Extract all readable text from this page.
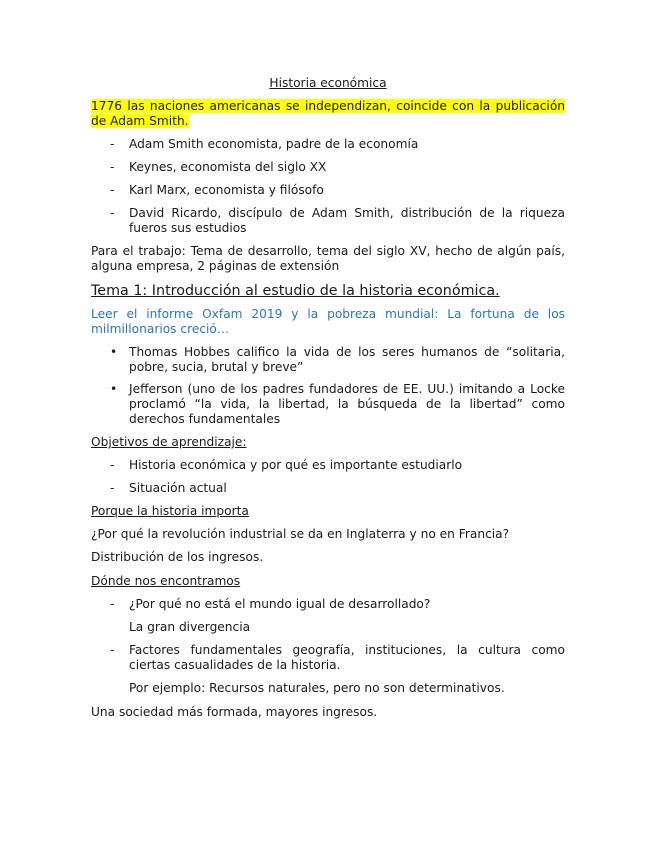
Historia económica
1776 las naciones americanas se independizan, coincide con la publicación de Adam Smith.
- Adam Smith economista, padre de la economía
- Keynes, economista del siglo XX
- Karl Marx, economista y filósofo
- David Ricardo, discípulo de Adam Smith, distribución de la riqueza fueros sus estudios
Para el trabajo: Tema de desarrollo, tema del siglo XV, hecho de algún país, alguna empresa, 2 páginas de extensión
Tema 1: Introducción al estudio de la historia económica.
Leer el informe Oxfam 2019 y la pobreza mundial: La fortuna de los milmillonarios creció…
• Thomas Hobbes califico la vida de los seres humanos de “solitaria, pobre, sucia, brutal y breve”
• Jefferson (uno de los padres fundadores de EE. UU.) imitando a Locke proclamó “la vida, la libertad, la búsqueda de la libertad” como derechos fundamentales
Objetivos de aprendizaje:
- Historia económica y por qué es importante estudiarlo
- Situación actual
Porque la historia importa
¿Por qué la revolución industrial se da en Inglaterra y no en Francia?
Distribución de los ingresos.
Dónde nos encontramos
- ¿Por qué no está el mundo igual de desarrollado?
La gran divergencia
- Factores fundamentales geografía, instituciones, la cultura como ciertas casualidades de la historia.
Por ejemplo: Recursos naturales, pero no son determinativos.
Una sociedad más formada, mayores ingresos.
